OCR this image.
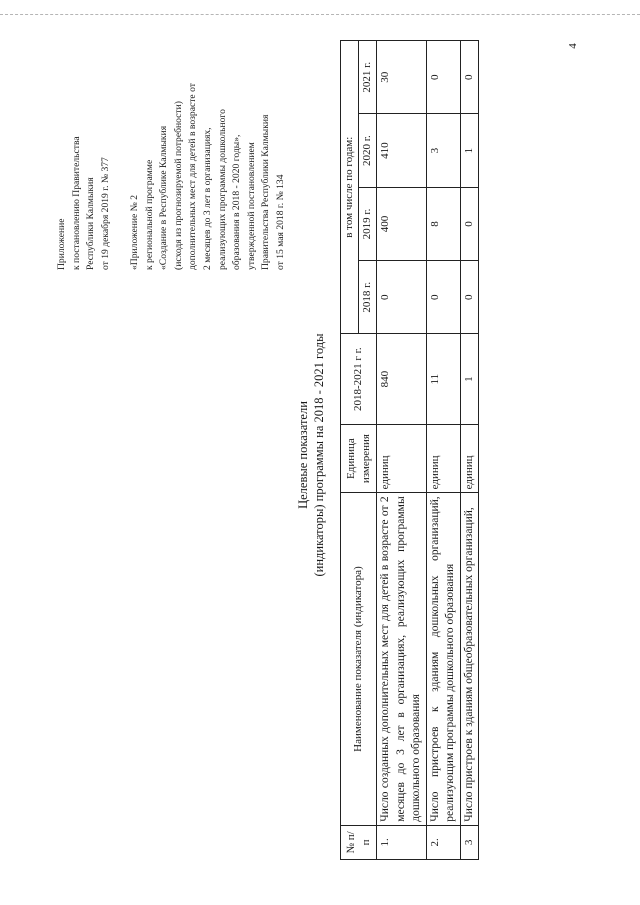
4
Приложение к постановлению Правительства Республики Калмыкия от 19 декабря 2019 г. № 377 «Приложение № 2 к региональной программе «Создание в Республике Калмыкия (исходя из прогнозируемой потребности) дополнительных мест для детей в возрасте от 2 месяцев до 3 лет в организациях, реализующих программы дошкольного образования в 2018 - 2020 годы», утвержденной постановлением Правительства Республики Калмыкия от 15 мая 2018 г. № 134
Целевые показатели (индикаторы) программы на 2018 - 2021 годы
№ п/п	Наименование показателя (индикатора)	Единица измерения	2018-2021 г г.	в том числе по годам:			
				2018 г.	2019 г.	2020 г.	2021 г.
1.	Число созданных дополнительных мест для детей в возрасте от 2 месяцев до 3 лет в организациях, реализующих программы дошкольного образования	единиц	840	0	400	410	30
2.	Число пристроев к зданиям дошкольных организаций, реализующим программы дошкольного образования	единиц	11	0	8	3	0
3	Число пристроев к зданиям общеобразовательных организаций,	единиц	1	0	0	1	0
